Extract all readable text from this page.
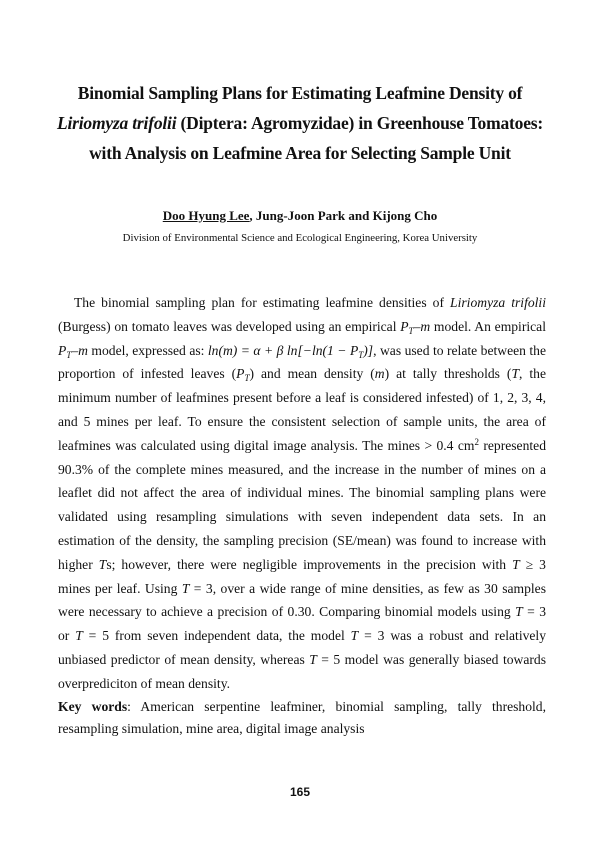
Binomial Sampling Plans for Estimating Leafmine Density of
Liriomyza trifolii (Diptera: Agromyzidae) in Greenhouse Tomatoes:
with Analysis on Leafmine Area for Selecting Sample Unit
Doo Hyung Lee, Jung-Joon Park and Kijong Cho
Division of Environmental Science and Ecological Engineering, Korea University
The binomial sampling plan for estimating leafmine densities of Liriomyza trifolii (Burgess) on tomato leaves was developed using an empirical $P_T-m$ model. An empirical $P_T-m$ model, expressed as: ln(m) = α + β $\ln[-\ln(1 - P_T)]$, was used to relate between the proportion of infested leaves $(P_T)$ and mean density (m) at tally thresholds (T, the minimum number of leafmines present before a leaf is considered infested) of 1, 2, 3, 4, and 5 mines per leaf. To ensure the consistent selection of sample units, the area of leafmines was calculated using digital image analysis. The mines > 0.4 $cm^2$ represented 90.3% of the complete mines measured, and the increase in the number of mines on a leaflet did not affect the area of individual mines. The binomial sampling plans were validated using resampling simulations with seven independent data sets. In an estimation of the density, the sampling precision (SE/mean) was found to increase with higher Ts; however, there were negligible improvements in the precision with T ≥ 3 mines per leaf. Using T = 3, over a wide range of mine densities, as few as 30 samples were necessary to achieve a precision of 0.30. Comparing binomial models using T = 3 or T = 5 from seven independent data, the model T = 3 was a robust and relatively unbiased predictor of mean density, whereas T = 5 model was generally biased towards overprediciton of mean density.
Key words: American serpentine leafminer, binomial sampling, tally threshold, resampling simulation, mine area, digital image analysis
165
